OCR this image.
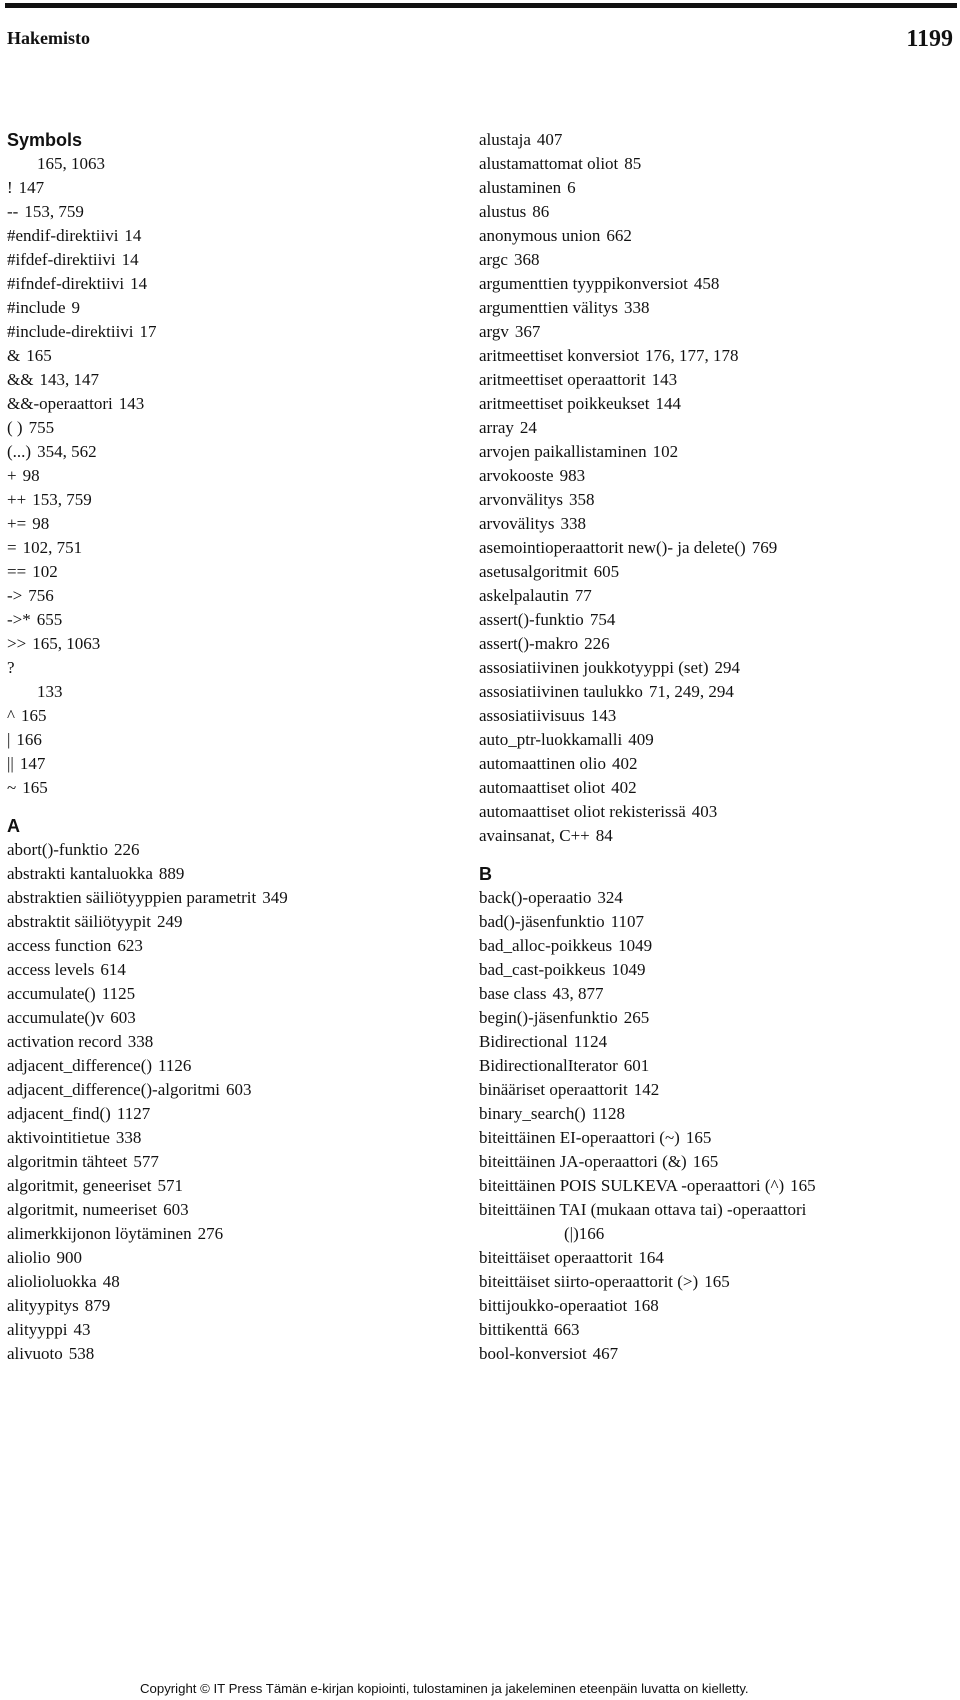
Hakemisto	1199
Symbols
165, 1063
! 147
-- 153, 759
#endif-direktiivi 14
#ifdef-direktiivi 14
#ifndef-direktiivi 14
#include 9
#include-direktiivi 17
& 165
&& 143, 147
&&-operaattori 143
( ) 755
(...) 354, 562
+ 98
++ 153, 759
+= 98
= 102, 751
== 102
-> 756
->* 655
>> 165, 1063
?
133
^ 165
| 166
|| 147
~ 165
A
abort()-funktio 226
abstrakti kantaluokka 889
abstraktien säiliötyyppien parametrit 349
abstraktit säiliötyypit 249
access function 623
access levels 614
accumulate() 1125
accumulate()v 603
activation record 338
adjacent_difference() 1126
adjacent_difference()-algoritmi 603
adjacent_find() 1127
aktivointitietue 338
algoritmin tähteet 577
algoritmit, geneeriset 571
algoritmit, numeeriset 603
alimerkkijonon löytäminen 276
aliolio 900
aliolioluokka 48
alityypitys 879
alityyppi 43
alivuoto 538
alustaja 407
alustamattomat oliot 85
alustaminen 6
alustus 86
anonymous union 662
argc 368
argumenttien tyyppikonversiot 458
argumenttien välitys 338
argv 367
aritmeettiset konversiot 176, 177, 178
aritmeettiset operaattorit 143
aritmeettiset poikkeukset 144
array 24
arvojen paikallistaminen 102
arvokooste 983
arvonvälitys 358
arvovälitys 338
asemointioperaattorit new()- ja delete() 769
asetusalgoritmit 605
askelpalautin 77
assert()-funktio 754
assert()-makro 226
assosiatiivinen joukkotyyppi (set) 294
assosiatiivinen taulukko 71, 249, 294
assosiatiivisuus 143
auto_ptr-luokkamalli 409
automaattinen olio 402
automaattiset oliot 402
automaattiset oliot rekisterissä 403
avainsanat, C++ 84
B
back()-operaatio 324
bad()-jäsenfunktio 1107
bad_alloc-poikkeus 1049
bad_cast-poikkeus 1049
base class 43, 877
begin()-jäsenfunktio 265
Bidirectional 1124
BidirectionalIterator 601
binääriset operaattorit 142
binary_search() 1128
biteittäinen EI-operaattori (~) 165
biteittäinen JA-operaattori (&) 165
biteittäinen POIS SULKEVA -operaattori (^) 165
biteittäinen TAI (mukaan ottava tai) -operaattori
(|)166
biteittäiset operaattorit 164
biteittäiset siirto-operaattorit (>) 165
bittijoukko-operaatiot 168
bittikenttä 663
bool-konversiot 467
Copyright © IT Press Tämän e-kirjan kopiointi, tulostaminen ja jakeleminen eteenpäin luvatta on kielletty.
